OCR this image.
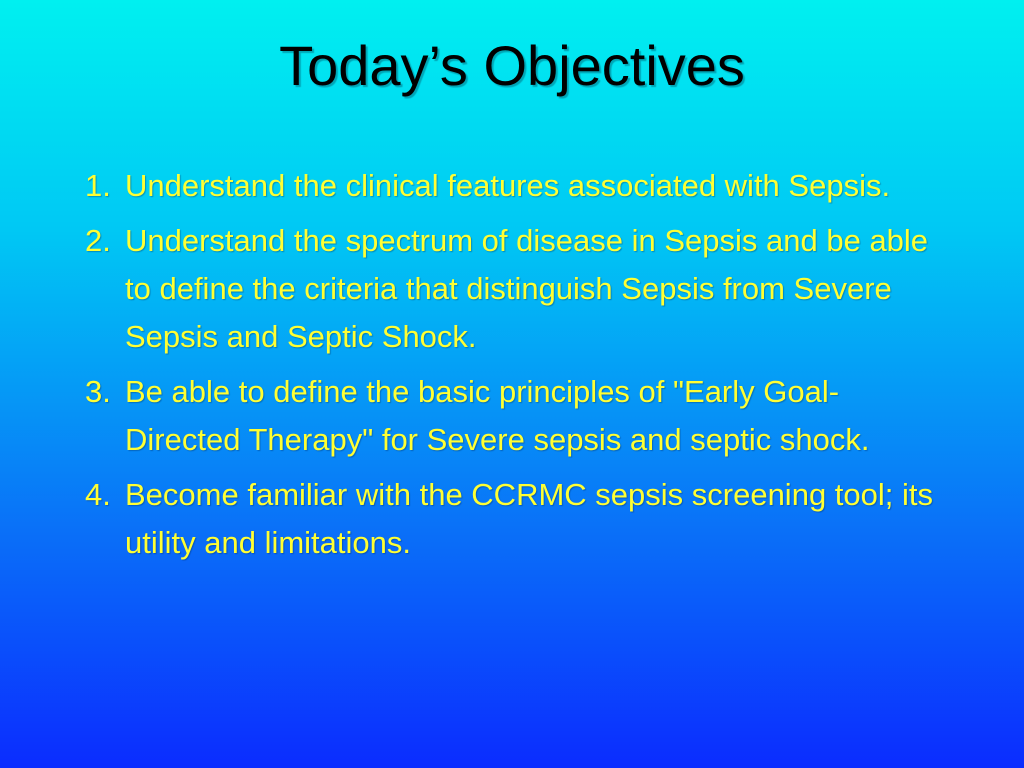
Today’s Objectives
1. Understand the clinical features associated with Sepsis.
2. Understand the spectrum of disease in Sepsis and be able to define the criteria that distinguish Sepsis from Severe Sepsis and Septic Shock.
3. Be able to define the basic principles of "Early Goal-Directed Therapy" for Severe sepsis and septic shock.
4. Become familiar with the CCRMC sepsis screening tool; its utility and limitations.
